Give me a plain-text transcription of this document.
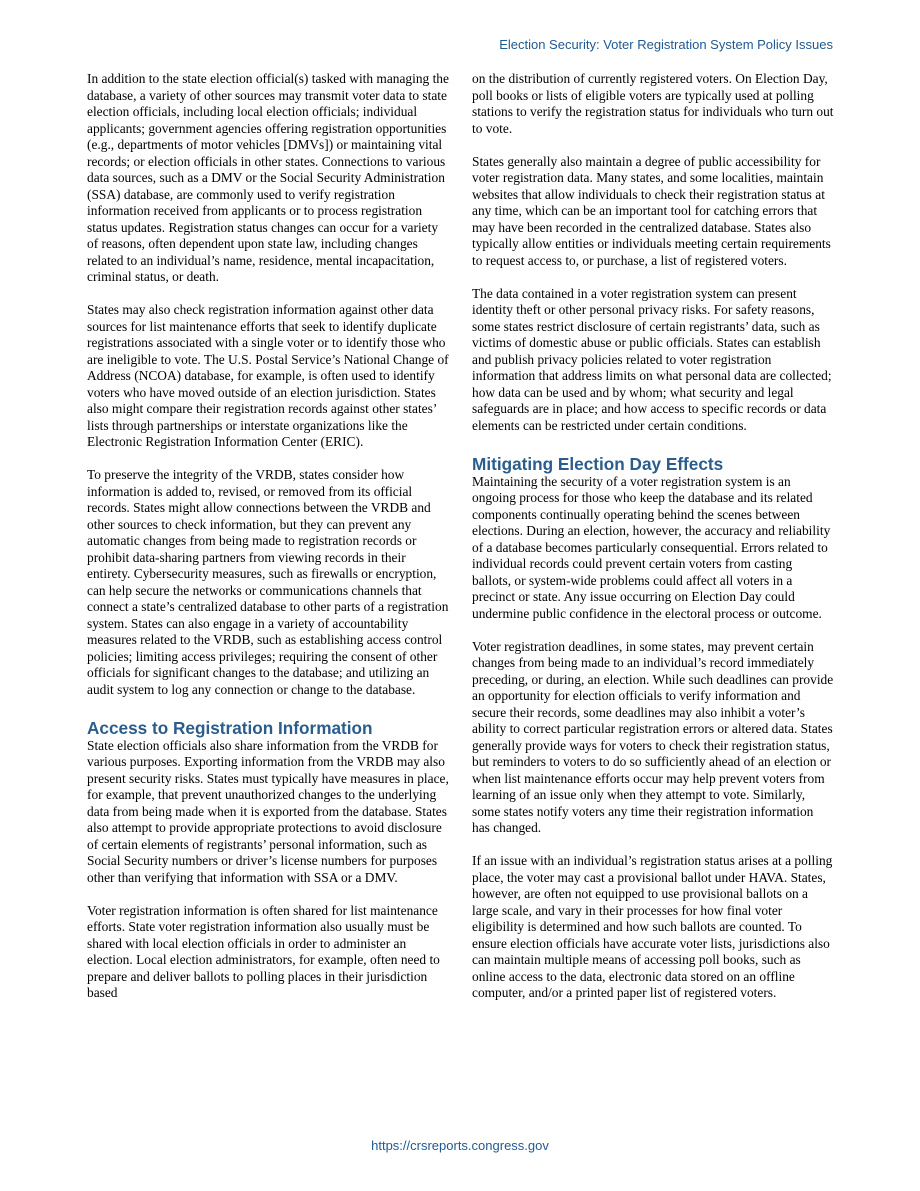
Election Security: Voter Registration System Policy Issues

In addition to the state election official(s) tasked with managing the database, a variety of other sources may transmit voter data to state election officials, including local election officials; individual applicants; government agencies offering registration opportunities (e.g., departments of motor vehicles [DMVs]) or maintaining vital records; or election officials in other states. Connections to various data sources, such as a DMV or the Social Security Administration (SSA) database, are commonly used to verify registration information received from applicants or to process registration status updates. Registration status changes can occur for a variety of reasons, often dependent upon state law, including changes related to an individual’s name, residence, mental incapacitation, criminal status, or death.

States may also check registration information against other data sources for list maintenance efforts that seek to identify duplicate registrations associated with a single voter or to identify those who are ineligible to vote. The U.S. Postal Service’s National Change of Address (NCOA) database, for example, is often used to identify voters who have moved outside of an election jurisdiction. States also might compare their registration records against other states’ lists through partnerships or interstate organizations like the Electronic Registration Information Center (ERIC).

To preserve the integrity of the VRDB, states consider how information is added to, revised, or removed from its official records. States might allow connections between the VRDB and other sources to check information, but they can prevent any automatic changes from being made to registration records or prohibit data-sharing partners from viewing records in their entirety. Cybersecurity measures, such as firewalls or encryption, can help secure the networks or communications channels that connect a state’s centralized database to other parts of a registration system. States can also engage in a variety of accountability measures related to the VRDB, such as establishing access control policies; limiting access privileges; requiring the consent of other officials for significant changes to the database; and utilizing an audit system to log any connection or change to the database.

Access to Registration Information

State election officials also share information from the VRDB for various purposes. Exporting information from the VRDB may also present security risks. States must typically have measures in place, for example, that prevent unauthorized changes to the underlying data from being made when it is exported from the database. States also attempt to provide appropriate protections to avoid disclosure of certain elements of registrants’ personal information, such as Social Security numbers or driver’s license numbers for purposes other than verifying that information with SSA or a DMV.

Voter registration information is often shared for list maintenance efforts. State voter registration information also usually must be shared with local election officials in order to administer an election. Local election administrators, for example, often need to prepare and deliver ballots to polling places in their jurisdiction based

on the distribution of currently registered voters. On Election Day, poll books or lists of eligible voters are typically used at polling stations to verify the registration status for individuals who turn out to vote.

States generally also maintain a degree of public accessibility for voter registration data. Many states, and some localities, maintain websites that allow individuals to check their registration status at any time, which can be an important tool for catching errors that may have been recorded in the centralized database. States also typically allow entities or individuals meeting certain requirements to request access to, or purchase, a list of registered voters.

The data contained in a voter registration system can present identity theft or other personal privacy risks. For safety reasons, some states restrict disclosure of certain registrants’ data, such as victims of domestic abuse or public officials. States can establish and publish privacy policies related to voter registration information that address limits on what personal data are collected; how data can be used and by whom; what security and legal safeguards are in place; and how access to specific records or data elements can be restricted under certain conditions.

Mitigating Election Day Effects

Maintaining the security of a voter registration system is an ongoing process for those who keep the database and its related components continually operating behind the scenes between elections. During an election, however, the accuracy and reliability of a database becomes particularly consequential. Errors related to individual records could prevent certain voters from casting ballots, or system-wide problems could affect all voters in a precinct or state. Any issue occurring on Election Day could undermine public confidence in the electoral process or outcome.

Voter registration deadlines, in some states, may prevent certain changes from being made to an individual’s record immediately preceding, or during, an election. While such deadlines can provide an opportunity for election officials to verify information and secure their records, some deadlines may also inhibit a voter’s ability to correct particular registration errors or altered data. States generally provide ways for voters to check their registration status, but reminders to voters to do so sufficiently ahead of an election or when list maintenance efforts occur may help prevent voters from learning of an issue only when they attempt to vote. Similarly, some states notify voters any time their registration information has changed.

If an issue with an individual’s registration status arises at a polling place, the voter may cast a provisional ballot under HAVA. States, however, are often not equipped to use provisional ballots on a large scale, and vary in their processes for how final voter eligibility is determined and how such ballots are counted. To ensure election officials have accurate voter lists, jurisdictions also can maintain multiple means of accessing poll books, such as online access to the data, electronic data stored on an offline computer, and/or a printed paper list of registered voters.

https://crsreports.congress.gov
